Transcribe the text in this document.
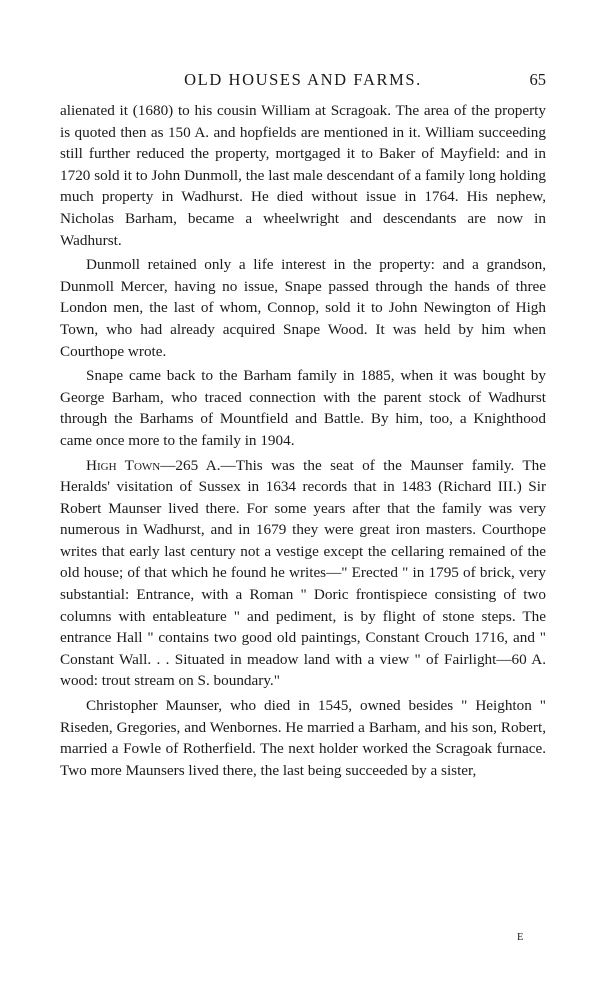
OLD HOUSES AND FARMS.	65

alienated it (1680) to his cousin William at Scragoak. The area of the property is quoted then as 150 A. and hopfields are mentioned in it. William succeeding still further reduced the property, mortgaged it to Baker of Mayfield: and in 1720 sold it to John Dunmoll, the last male descendant of a family long holding much property in Wadhurst. He died without issue in 1764. His nephew, Nicholas Barham, became a wheelwright and descendants are now in Wadhurst.

Dunmoll retained only a life interest in the property: and a grandson, Dunmoll Mercer, having no issue, Snape passed through the hands of three London men, the last of whom, Connop, sold it to John Newington of High Town, who had already acquired Snape Wood. It was held by him when Courthope wrote.

Snape came back to the Barham family in 1885, when it was bought by George Barham, who traced connection with the parent stock of Wadhurst through the Barhams of Mountfield and Battle. By him, too, a Knighthood came once more to the family in 1904.

High Town—265 A.—This was the seat of the Maunser family. The Heralds' visitation of Sussex in 1634 records that in 1483 (Richard III.) Sir Robert Maunser lived there. For some years after that the family was very numerous in Wadhurst, and in 1679 they were great iron masters. Courthope writes that early last century not a vestige except the cellaring remained of the old house; of that which he found he writes—" Erected " in 1795 of brick, very substantial: Entrance, with a Roman " Doric frontispiece consisting of two columns with entableature " and pediment, is by flight of stone steps. The entrance Hall " contains two good old paintings, Constant Crouch 1716, and " Constant Wall. . . Situated in meadow land with a view " of Fairlight—60 A. wood: trout stream on S. boundary."

Christopher Maunser, who died in 1545, owned besides " Heighton " Riseden, Gregories, and Wenbornes. He married a Barham, and his son, Robert, married a Fowle of Rotherfield. The next holder worked the Scragoak furnace. Two more Maunsers lived there, the last being succeeded by a sister,

E
